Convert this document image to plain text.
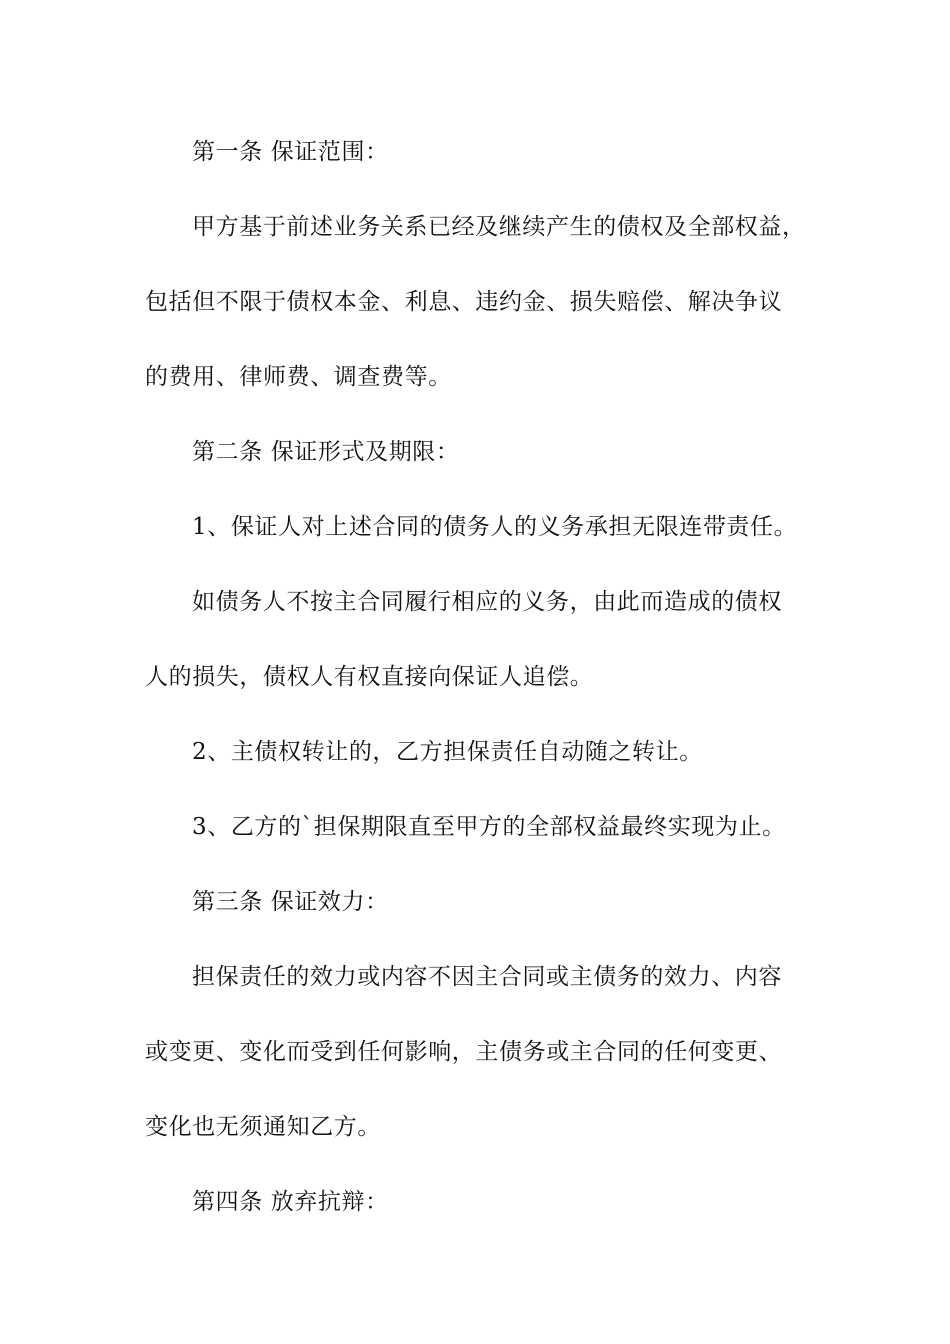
第一条 保证范围：
甲方基于前述业务关系已经及继续产生的债权及全部权益，
包括但不限于债权本金、利息、违约金、损失赔偿、解决争议
的费用、律师费、调查费等。
第二条 保证形式及期限：
1、保证人对上述合同的债务人的义务承担无限连带责任。
如债务人不按主合同履行相应的义务，由此而造成的债权
人的损失，债权人有权直接向保证人追偿。
2、主债权转让的，乙方担保责任自动随之转让。
3、乙方的`担保期限直至甲方的全部权益最终实现为止。
第三条 保证效力：
担保责任的效力或内容不因主合同或主债务的效力、内容
或变更、变化而受到任何影响，主债务或主合同的任何变更、
变化也无须通知乙方。
第四条 放弃抗辩：
